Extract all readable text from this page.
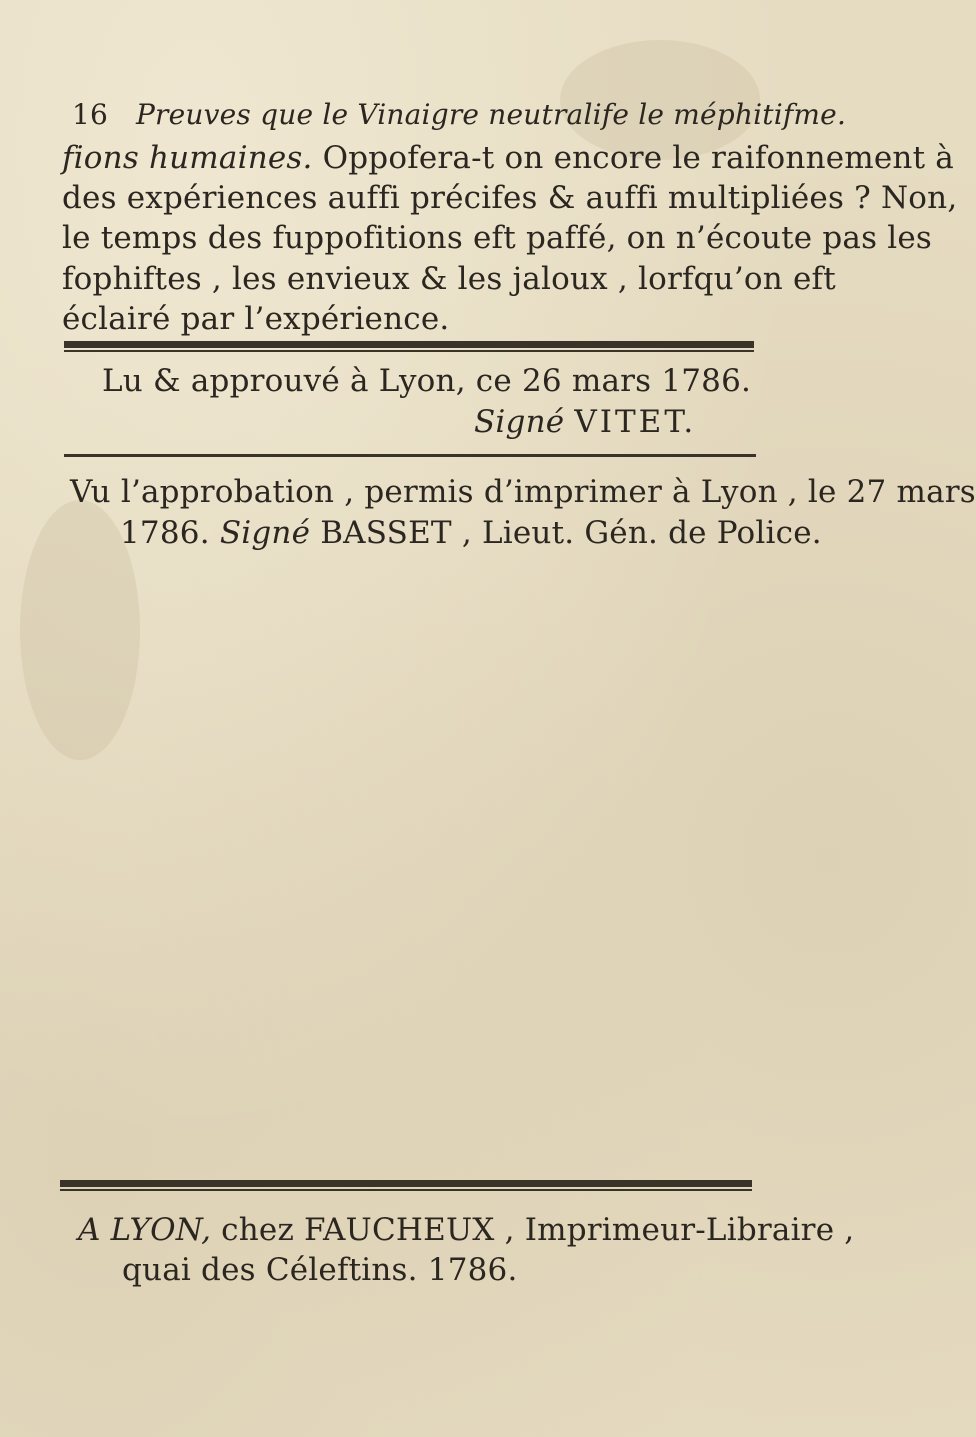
16 Preuves que le Vinaigre neutralife le méphitifme.
fions humaines. Oppofera-t on encore le raifonnement à
des expériences auffi précifes & auffi multipliées ? Non,
le temps des fuppofitions eft paffé, on n’écoute pas les
fophiftes , les envieux & les jaloux , lorfqu’on eft
éclairé par l’expérience.
Lu & approuvé à Lyon, ce 26 mars 1786.
Signé VITET.
Vu l’approbation , permis d’imprimer à Lyon , le 27 mars
1786. Signé BASSET , Lieut. Gén. de Police.
A LYON, chez FAUCHEUX , Imprimeur-Libraire ,
quai des Céleftins. 1786.
